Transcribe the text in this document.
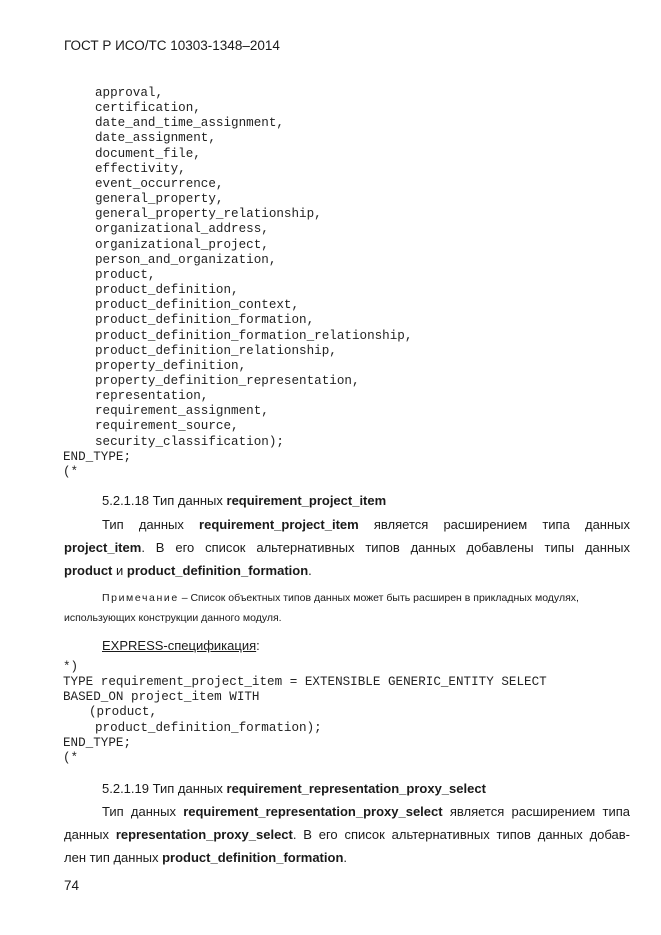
ГОСТ Р ИСО/ТС 10303-1348–2014
approval,
certification,
date_and_time_assignment,
date_assignment,
document_file,
effectivity,
event_occurrence,
general_property,
general_property_relationship,
organizational_address,
organizational_project,
person_and_organization,
product,
product_definition,
product_definition_context,
product_definition_formation,
product_definition_formation_relationship,
product_definition_relationship,
property_definition,
property_definition_representation,
representation,
requirement_assignment,
requirement_source,
security_classification);
END_TYPE;
(*
5.2.1.18 Тип данных requirement_project_item
Тип данных requirement_project_item является расширением типа данных
project_item. В его список альтернативных типов данных добавлены типы данных
product и product_definition_formation.
Примечание – Список объектных типов данных может быть расширен в прикладных модулях,
использующих конструкции данного модуля.
EXPRESS-спецификация:
*)
TYPE requirement_project_item = EXTENSIBLE GENERIC_ENTITY SELECT
BASED_ON project_item WITH
(product,
product_definition_formation);
END_TYPE;
(*
5.2.1.19 Тип данных requirement_representation_proxy_select
Тип данных requirement_representation_proxy_select является расширением типа
данных representation_proxy_select. В его список альтернативных типов данных добав-
лен тип данных product_definition_formation.
74
